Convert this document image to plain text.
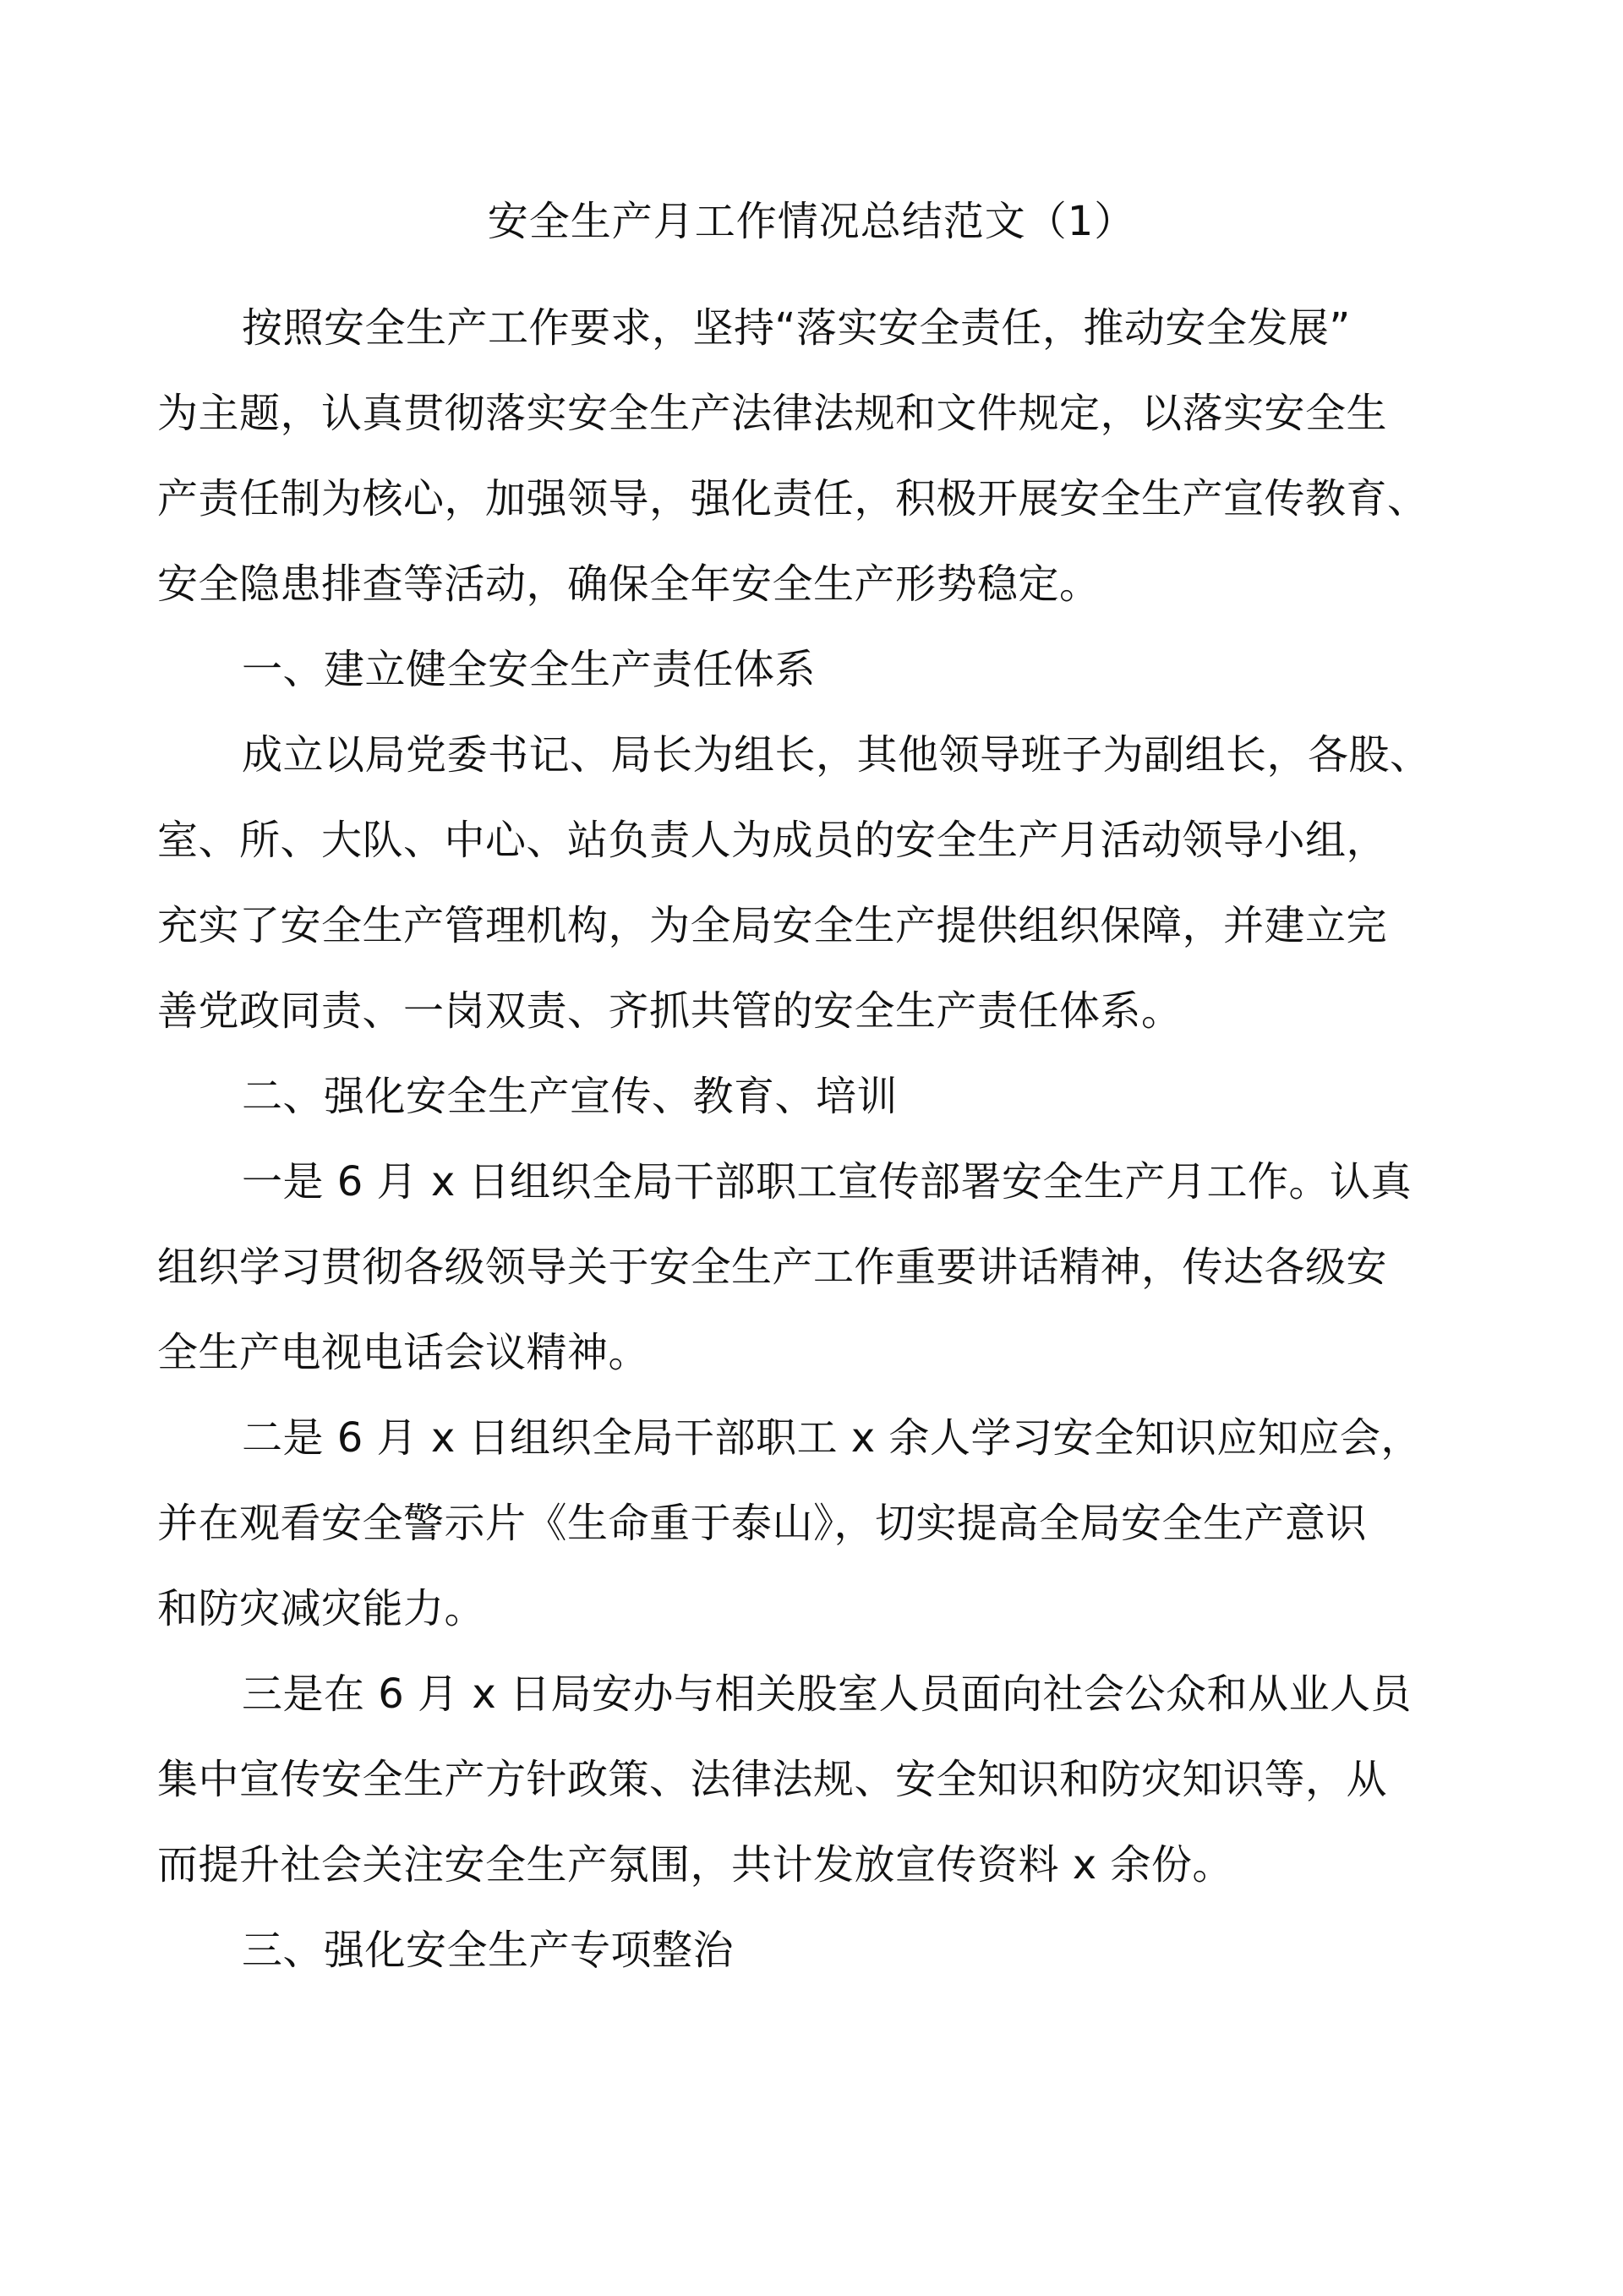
安全生产月工作情况总结范文（1）
按照安全生产工作要求，坚持“落实安全责任，推动安全发展”
为主题，认真贯彻落实安全生产法律法规和文件规定，以落实安全生
产责任制为核心，加强领导，强化责任，积极开展安全生产宣传教育、
安全隐患排查等活动，确保全年安全生产形势稳定。
一、建立健全安全生产责任体系
成立以局党委书记、局长为组长，其他领导班子为副组长，各股、
室、所、大队、中心、站负责人为成员的安全生产月活动领导小组，
充实了安全生产管理机构，为全局安全生产提供组织保障，并建立完
善党政同责、一岗双责、齐抓共管的安全生产责任体系。
二、强化安全生产宣传、教育、培训
一是 6 月 x 日组织全局干部职工宣传部署安全生产月工作。认真
组织学习贯彻各级领导关于安全生产工作重要讲话精神，传达各级安
全生产电视电话会议精神。
二是 6 月 x 日组织全局干部职工 x 余人学习安全知识应知应会，
并在观看安全警示片《生命重于泰山》，切实提高全局安全生产意识
和防灾减灾能力。
三是在 6 月 x 日局安办与相关股室人员面向社会公众和从业人员
集中宣传安全生产方针政策、法律法规、安全知识和防灾知识等，从
而提升社会关注安全生产氛围，共计发放宣传资料 x 余份。
三、强化安全生产专项整治
